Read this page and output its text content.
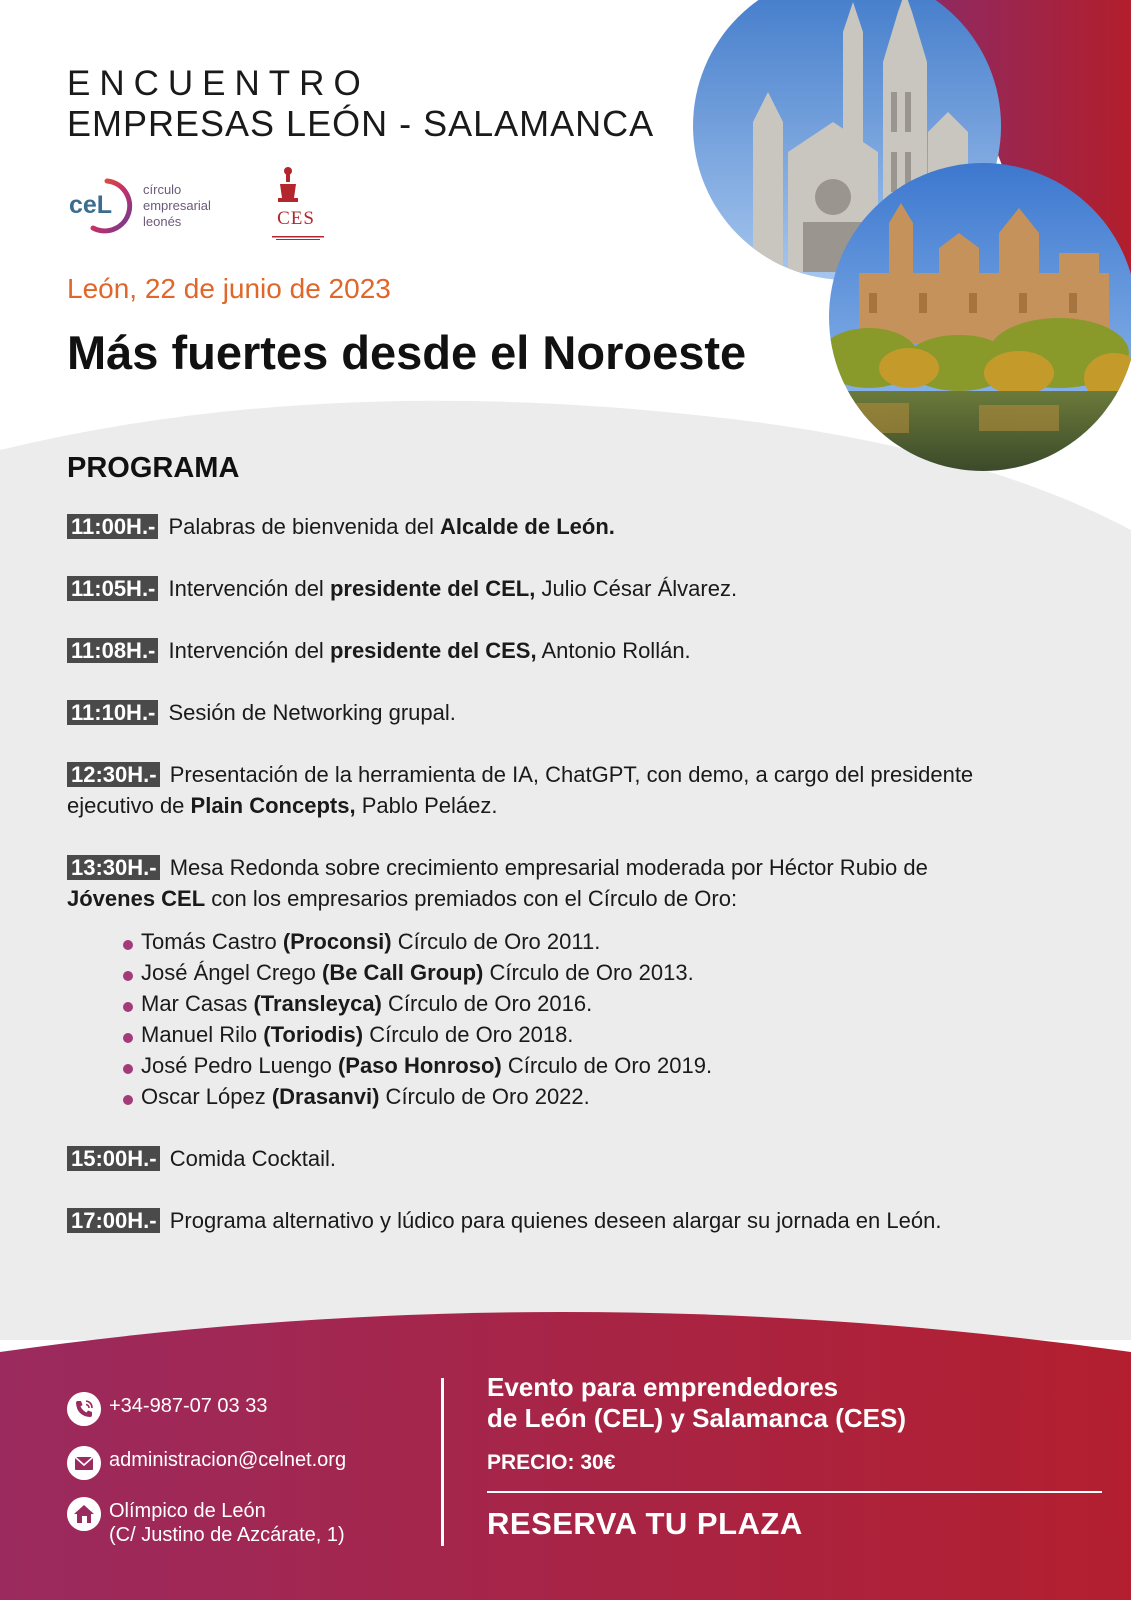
ENCUENTRO
EMPRESAS LEÓN - SALAMANCA
ceL
círculo
empresarial
leonés	CES
León, 22 de junio de 2023
Más fuertes desde el Noroeste
PROGRAMA
11:00H.- Palabras de bienvenida del Alcalde de León.
11:05H.- Intervención del presidente del CEL, Julio César Álvarez.
11:08H.- Intervención del presidente del CES, Antonio Rollán.
11:10H.- Sesión de Networking grupal.
12:30H.- Presentación de la herramienta de IA, ChatGPT, con demo, a cargo del presidente ejecutivo de Plain Concepts, Pablo Peláez.
13:30H.- Mesa Redonda sobre crecimiento empresarial moderada por Héctor Rubio de Jóvenes CEL con los empresarios premiados con el Círculo de Oro:
Tomás Castro (Proconsi) Círculo de Oro 2011.
José Ángel Crego (Be Call Group) Círculo de Oro 2013.
Mar Casas (Transleyca) Círculo de Oro 2016.
Manuel Rilo (Toriodis) Círculo de Oro 2018.
José Pedro Luengo (Paso Honroso) Círculo de Oro 2019.
Oscar López (Drasanvi) Círculo de Oro 2022.
15:00H.- Comida Cocktail.
17:00H.- Programa alternativo y lúdico para quienes deseen alargar su jornada en León.
+34-987-07 03 33
administracion@celnet.org
Olímpico de León
(C/ Justino de Azcárate, 1)
Evento para emprendedores
de León (CEL) y Salamanca (CES)
PRECIO: 30€
RESERVA TU PLAZA
